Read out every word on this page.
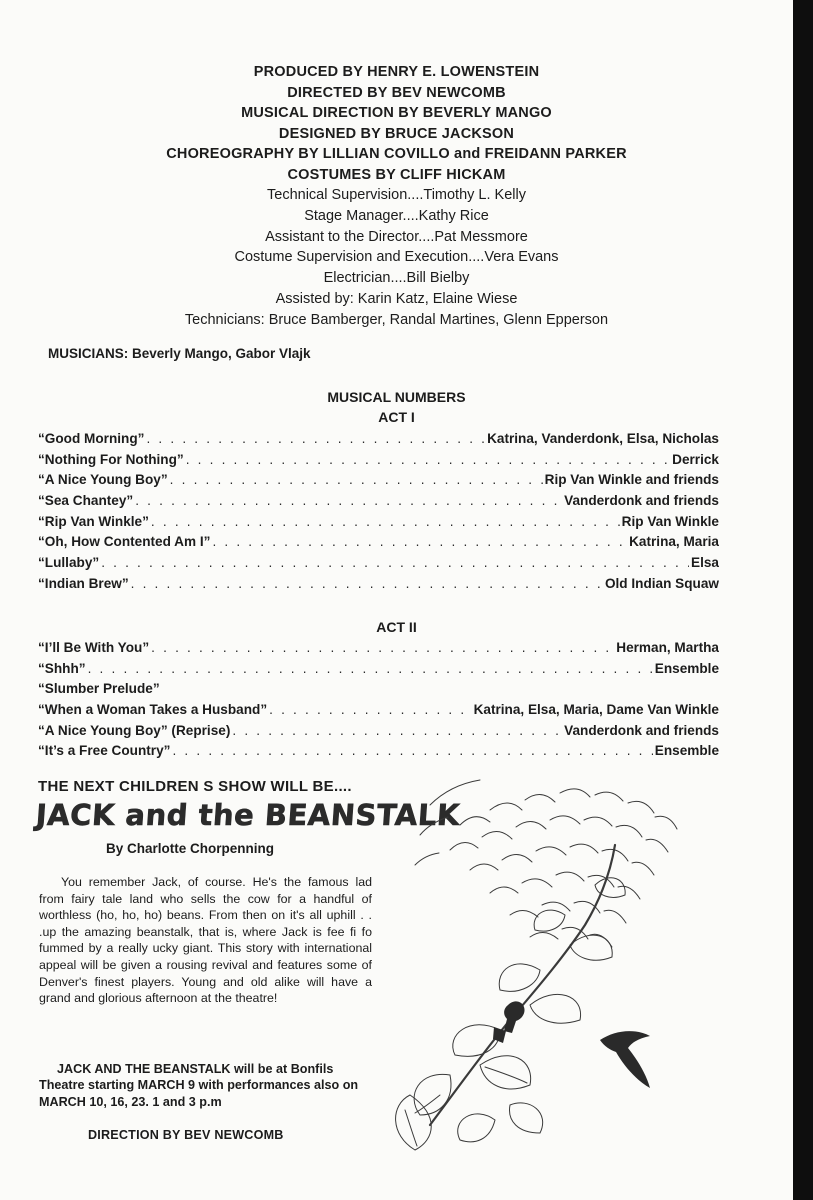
PRODUCED BY HENRY E. LOWENSTEIN
DIRECTED BY BEV NEWCOMB
MUSICAL DIRECTION BY BEVERLY MANGO
DESIGNED BY BRUCE JACKSON
CHOREOGRAPHY BY LILLIAN COVILLO and FREIDANN PARKER
COSTUMES BY CLIFF HICKAM
Technical Supervision....Timothy L. Kelly
Stage Manager....Kathy Rice
Assistant to the Director....Pat Messmore
Costume Supervision and Execution....Vera Evans
Electrician....Bill Bielby
Assisted by: Karin Katz, Elaine Wiese
Technicians: Bruce Bamberger, Randal Martines, Glenn Epperson
MUSICIANS: Beverly Mango, Gabor Vlajk
MUSICAL NUMBERS
ACT I
“Good Morning” . . .	Katrina, Vanderdonk, Elsa, Nicholas
“Nothing For Nothing” . . .	Derrick
“A Nice Young Boy” . . .	Rip Van Winkle and friends
“Sea Chantey” . . .	Vanderdonk and friends
“Rip Van Winkle” . . .	Rip Van Winkle
“Oh, How Contented Am I” . . .	Katrina, Maria
“Lullaby” . . .	Elsa
“Indian Brew” . . .	Old Indian Squaw
ACT II
“I’ll Be With You” . . .	Herman, Martha
“Shhh” . . .	Ensemble
“Slumber Prelude”
“When a Woman Takes a Husband” . . .	Katrina, Elsa, Maria, Dame Van Winkle
“A Nice Young Boy” (Reprise) . . .	Vanderdonk and friends
“It’s a Free Country” . . .	Ensemble
THE NEXT CHILDREN S SHOW WILL BE....
JACK and the BEANSTALK
By Charlotte Chorpenning
You remember Jack, of course. He's the famous lad from fairy tale land who sells the cow for a handful of worthless (ho, ho, ho) beans. From then on it's all uphill . . .up the amazing beanstalk, that is, where Jack is fee fi fo fummed by a really ucky giant. This story with international appeal will be given a rousing revival and features some of Denver's finest players. Young and old alike will have a grand and glorious afternoon at the theatre!
JACK AND THE BEANSTALK will be at Bonfils Theatre starting MARCH 9 with performances also on MARCH 10, 16, 23. 1 and 3 p.m
DIRECTION BY BEV NEWCOMB
